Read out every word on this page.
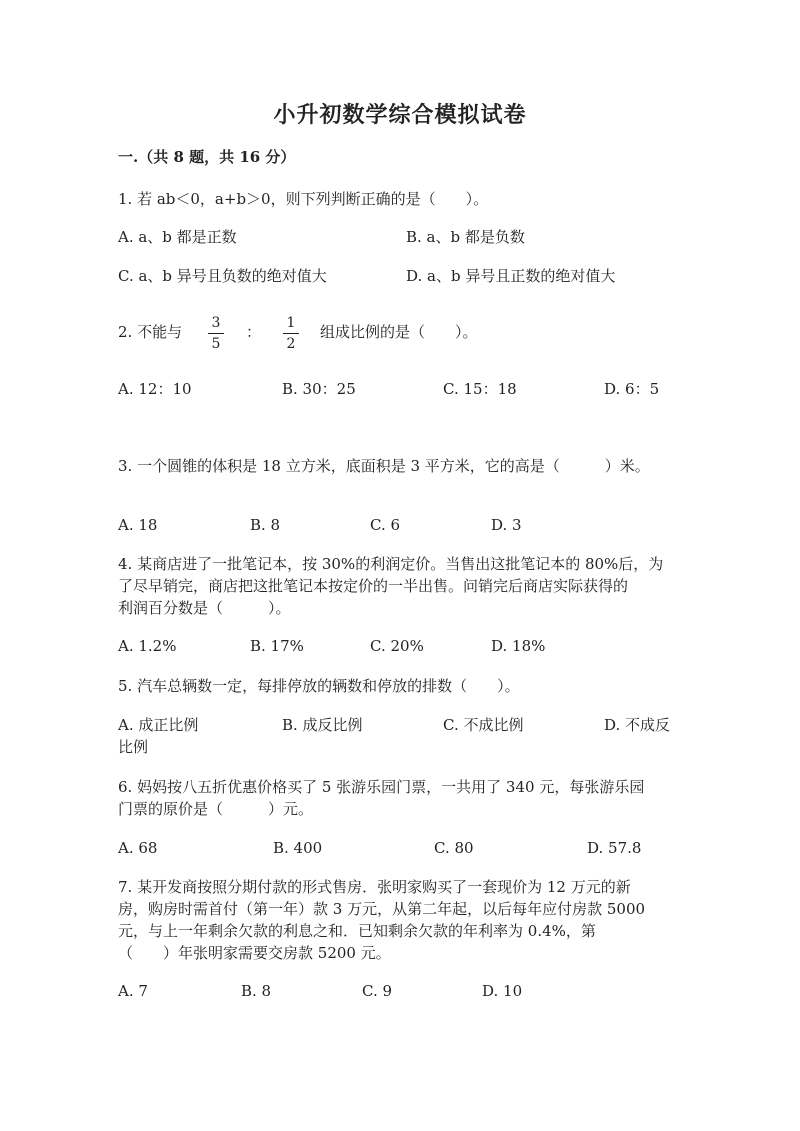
小升初数学综合模拟试卷
一.（共 8 题，共 16 分）
1. 若 ab＜0，a+b＞0，则下列判断正确的是（　　）。
A. a、b 都是正数	B. a、b 都是负数
C. a、b 异号且负数的绝对值大	D. a、b 异号且正数的绝对值大
2. 不能与 $\frac{3}{5}$ ： $\frac{1}{2}$ 组成比例的是（　　）。
A. 12：10	B. 30：25	C. 15：18	D. 6：5
3. 一个圆锥的体积是 18 立方米，底面积是 3 平方米，它的高是（　　　）米。
A. 18	B. 8	C. 6	D. 3
4. 某商店进了一批笔记本，按 30%的利润定价。当售出这批笔记本的 80%后，为
了尽早销完，商店把这批笔记本按定价的一半出售。问销完后商店实际获得的
利润百分数是（　　　）。
A. 1.2%	B. 17%	C. 20%	D. 18%
5. 汽车总辆数一定，每排停放的辆数和停放的排数（　　）。
A. 成正比例	B. 成反比例	C. 不成比例	D. 不成反
比例
6. 妈妈按八五折优惠价格买了 5 张游乐园门票，一共用了 340 元，每张游乐园
门票的原价是（　　　）元。
A. 68	B. 400	C. 80	D. 57.8
7. 某开发商按照分期付款的形式售房．张明家购买了一套现价为 12 万元的新
房，购房时需首付（第一年）款 3 万元，从第二年起，以后每年应付房款 5000
元，与上一年剩余欠款的利息之和．已知剩余欠款的年利率为 0.4%，第
（　　）年张明家需要交房款 5200 元。
A. 7	B. 8	C. 9	D. 10
